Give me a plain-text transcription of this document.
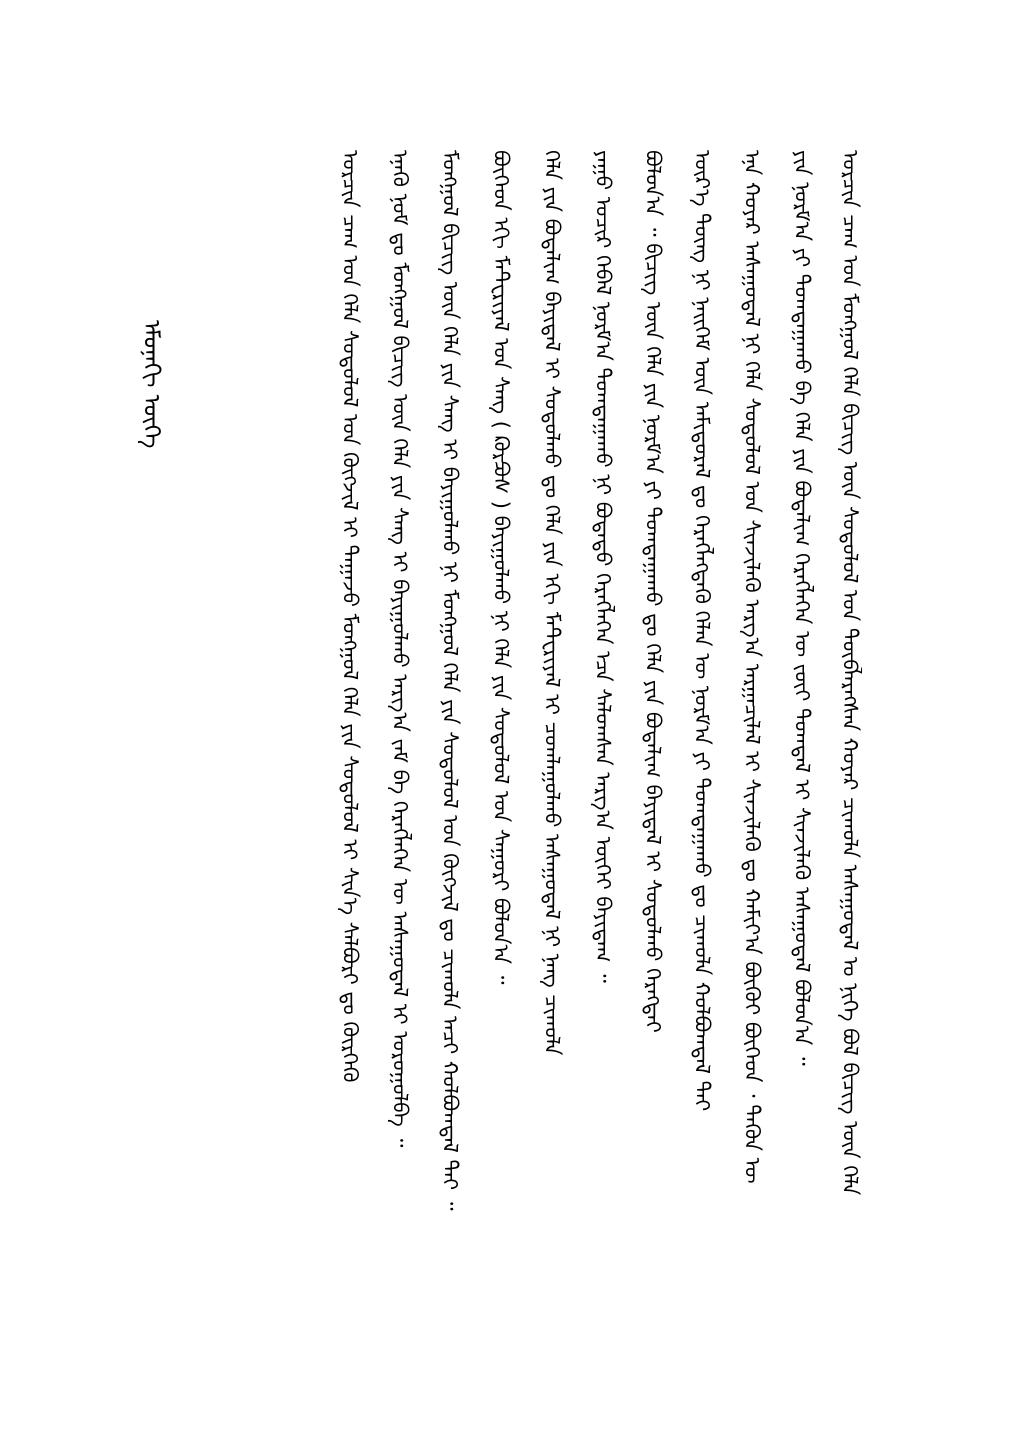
ᠡᠮᠦᠨᠡᠬᠢ ᠦᠭᠡ	ᠣᠷᠴᠢᠨ ᠴᠠᠭ ᠤᠨ ᠮᠣᠩᠭᠣᠯ ᠬᠡᠯᠡ ᠪᠢᠴᠢᠭ ᠦᠨ ᠰᠤᠳᠤᠯᠤᠯ ᠤᠨ ᠲᠥᠪᠯᠡᠷᠡᠭᠰᠡᠨ ᠬᠣᠶᠠᠷ ᠴᠢᠬᠤᠯᠠ ᠠᠰᠠᠭᠤᠳᠠᠯ ᠤ ᠨᠢᠭᠡ ᠪᠣᠯ ᠪᠢᠴᠢᠭ ᠦᠨ ᠬᠡᠯᠡ
ᠶᠢᠨ ᠨᠣᠷᠮ᠎ᠠ ᠶᠢ ᠲᠣᠭᠲᠠᠭᠠᠬᠤ ᠪᠠ ᠬᠡᠯᠡ ᠶᠢᠨ ᠪᠣᠳᠠᠯᠢᠭ ᠬᠡᠷᠡᠭᠯᠡᠭᠡᠨ ᠦ ᠵᠦᠢ ᠲᠣᠭᠲᠠᠯ ᠢ ᠰᠢᠨᠵᠢᠯᠡᠬᠦ ᠠᠰᠠᠭᠤᠳᠠᠯ ᠪᠣᠯᠤᠨ᠎ᠠ ᠃
ᠡᠨᠡ ᠬᠣᠶᠠᠷ ᠠᠰᠠᠭᠤᠳᠠᠯ ᠨᠢ ᠬᠡᠯᠡ ᠰᠤᠳᠤᠯᠤᠯ ᠤᠨ ᠰᠢᠨᠵᠢᠯᠡᠬᠦ ᠠᠷᠭ᠎ᠠ ᠠᠷᠭᠠᠴᠢᠯᠠᠯ ᠢ ᠰᠢᠨᠵᠢᠯᠡᠬᠦ ᠳᠤ ᠬᠠᠮᠢᠶ᠎ᠠ ᠪᠦᠬᠦᠢ ᠪᠥᠭᠡᠳ ᠂ ᠲᠡᠭᠦᠨ ᠦ
ᠦᠷ᠎ᠡ ᠳᠦᠩ ᠨᠢ ᠨᠡᠢᠭᠡᠮ ᠦᠨ ᠠᠮᠢᠳᠤᠷᠠᠯ ᠳᠤ ᠬᠡᠷᠡᠭᠯᠡᠭᠳᠡᠬᠦ ᠬᠡᠯᠡᠨ ᠦ ᠨᠣᠷᠮ᠎ᠠ ᠶᠢ ᠲᠣᠭᠲᠠᠭᠠᠬᠤ ᠳᠤ ᠴᠢᠬᠤᠯᠠ ᠬᠣᠯᠪᠣᠭᠳᠠᠯ ᠲᠠᠢ
ᠪᠣᠯᠤᠨ᠎ᠠ ᠃ ᠪᠢᠴᠢᠭ ᠦᠨ ᠬᠡᠯᠡ ᠶᠢᠨ ᠨᠣᠷᠮ᠎ᠠ ᠶᠢ ᠲᠣᠭᠲᠠᠭᠠᠬᠤ ᠳᠤ ᠬᠡᠯᠡ ᠶᠢᠨ ᠪᠣᠳᠠᠯᠢᠭ ᠪᠠᠶᠢᠳᠠᠯ ᠢ ᠰᠤᠳᠤᠯᠬᠤ ᠬᠡᠷᠡᠭᠲᠡᠢ
ᠶᠠᠭᠤ ᠤᠴᠢᠷ ᠭᠡᠪᠡᠯ ᠨᠣᠷᠮ᠎ᠠ ᠲᠣᠭᠲᠠᠭᠠᠬᠤ ᠨᠢ ᠪᠣᠳᠠᠲᠤ ᠬᠡᠷᠡᠭᠯᠡᠭᠡᠨ ᠡᠴᠡ ᠰᠠᠯᠤᠭᠰᠠᠨ ᠠᠷᠭ᠎ᠠ ᠦᠭᠡᠢ ᠪᠠᠶᠢᠳᠠᠭ ᠃
ᠬᠡᠯᠡ ᠶᠢᠨ ᠪᠣᠳᠠᠯᠢᠭ ᠪᠠᠶᠢᠳᠠᠯ ᠢ ᠰᠤᠳᠤᠯᠬᠤ ᠳᠤ ᠬᠡᠯᠡ ᠶᠢᠨ ᠡᠬᠢ ᠮᠠᠲ᠋ᠧᠷᠢᠶᠠᠯ ᠢ ᠴᠤᠭᠯᠠᠭᠤᠯᠬᠤ ᠠᠰᠠᠭᠤᠳᠠᠯ ᠨᠢ ᠨᠡᠩ ᠴᠢᠬᠤᠯᠠ
ᠪᠥᠭᠡᠳ ᠡᠬᠢ ᠮᠠᠲ᠋ᠧᠷᠢᠶᠠᠯ ᠤᠨ ᠰᠠᠩ ( ᠺᠣᠷᠫᠤᠰ ) ᠪᠠᠶᠢᠭᠤᠯᠬᠤ ᠨᠢ ᠬᠡᠯᠡ ᠶᠢᠨ ᠰᠤᠳᠤᠯᠤᠯ ᠤᠨ ᠰᠠᠭᠤᠷᠢ ᠪᠣᠯᠤᠨ᠎ᠠ ᠃
ᠮᠣᠩᠭᠣᠯ ᠪᠢᠴᠢᠭ ᠦᠨ ᠬᠡᠯᠡ ᠶᠢᠨ ᠰᠠᠩ ᠢ ᠪᠠᠶᠢᠭᠤᠯᠬᠤ ᠨᠢ ᠮᠣᠩᠭᠣᠯ ᠬᠡᠯᠡ ᠶᠢᠨ ᠰᠤᠳᠤᠯᠤᠯ ᠤᠨ ᠬᠥᠭᠵᠢᠯ ᠳᠤ ᠴᠢᠬᠤᠯᠠ ᠠᠴᠢ ᠬᠣᠯᠪᠣᠭᠳᠠᠯ ᠲᠠᠢ ᠃
ᠡᠨᠡᠬᠦ ᠨᠣᠮ ᠳᠤ ᠮᠣᠩᠭᠣᠯ ᠪᠢᠴᠢᠭ ᠦᠨ ᠬᠡᠯᠡ ᠶᠢᠨ ᠰᠠᠩ ᠢ ᠪᠠᠶᠢᠭᠤᠯᠬᠤ ᠠᠷᠭ᠎ᠠ ᠵᠠᠮ ᠪᠠ ᠬᠡᠷᠡᠭᠯᠡᠭᠡᠨ ᠦ ᠠᠰᠠᠭᠤᠳᠠᠯ ᠢ ᠣᠷᠤᠭᠤᠯᠪᠠ ᠃
ᠣᠷᠴᠢᠨ ᠴᠠᠭ ᠤᠨ ᠬᠡᠯᠡ ᠰᠤᠳᠤᠯᠤᠯ ᠤᠨ ᠬᠥᠭᠵᠢᠯ ᠢ ᠳᠠᠭᠠᠵᠤ ᠮᠣᠩᠭᠣᠯ ᠬᠡᠯᠡ ᠶᠢᠨ ᠰᠤᠳᠤᠯᠤᠯ ᠢ ᠰᠢᠨ᠎ᠡ ᠰᠠᠯᠪᠤᠷᠢ ᠳᠤ ᠬᠦᠷᠭᠡᠬᠦ
